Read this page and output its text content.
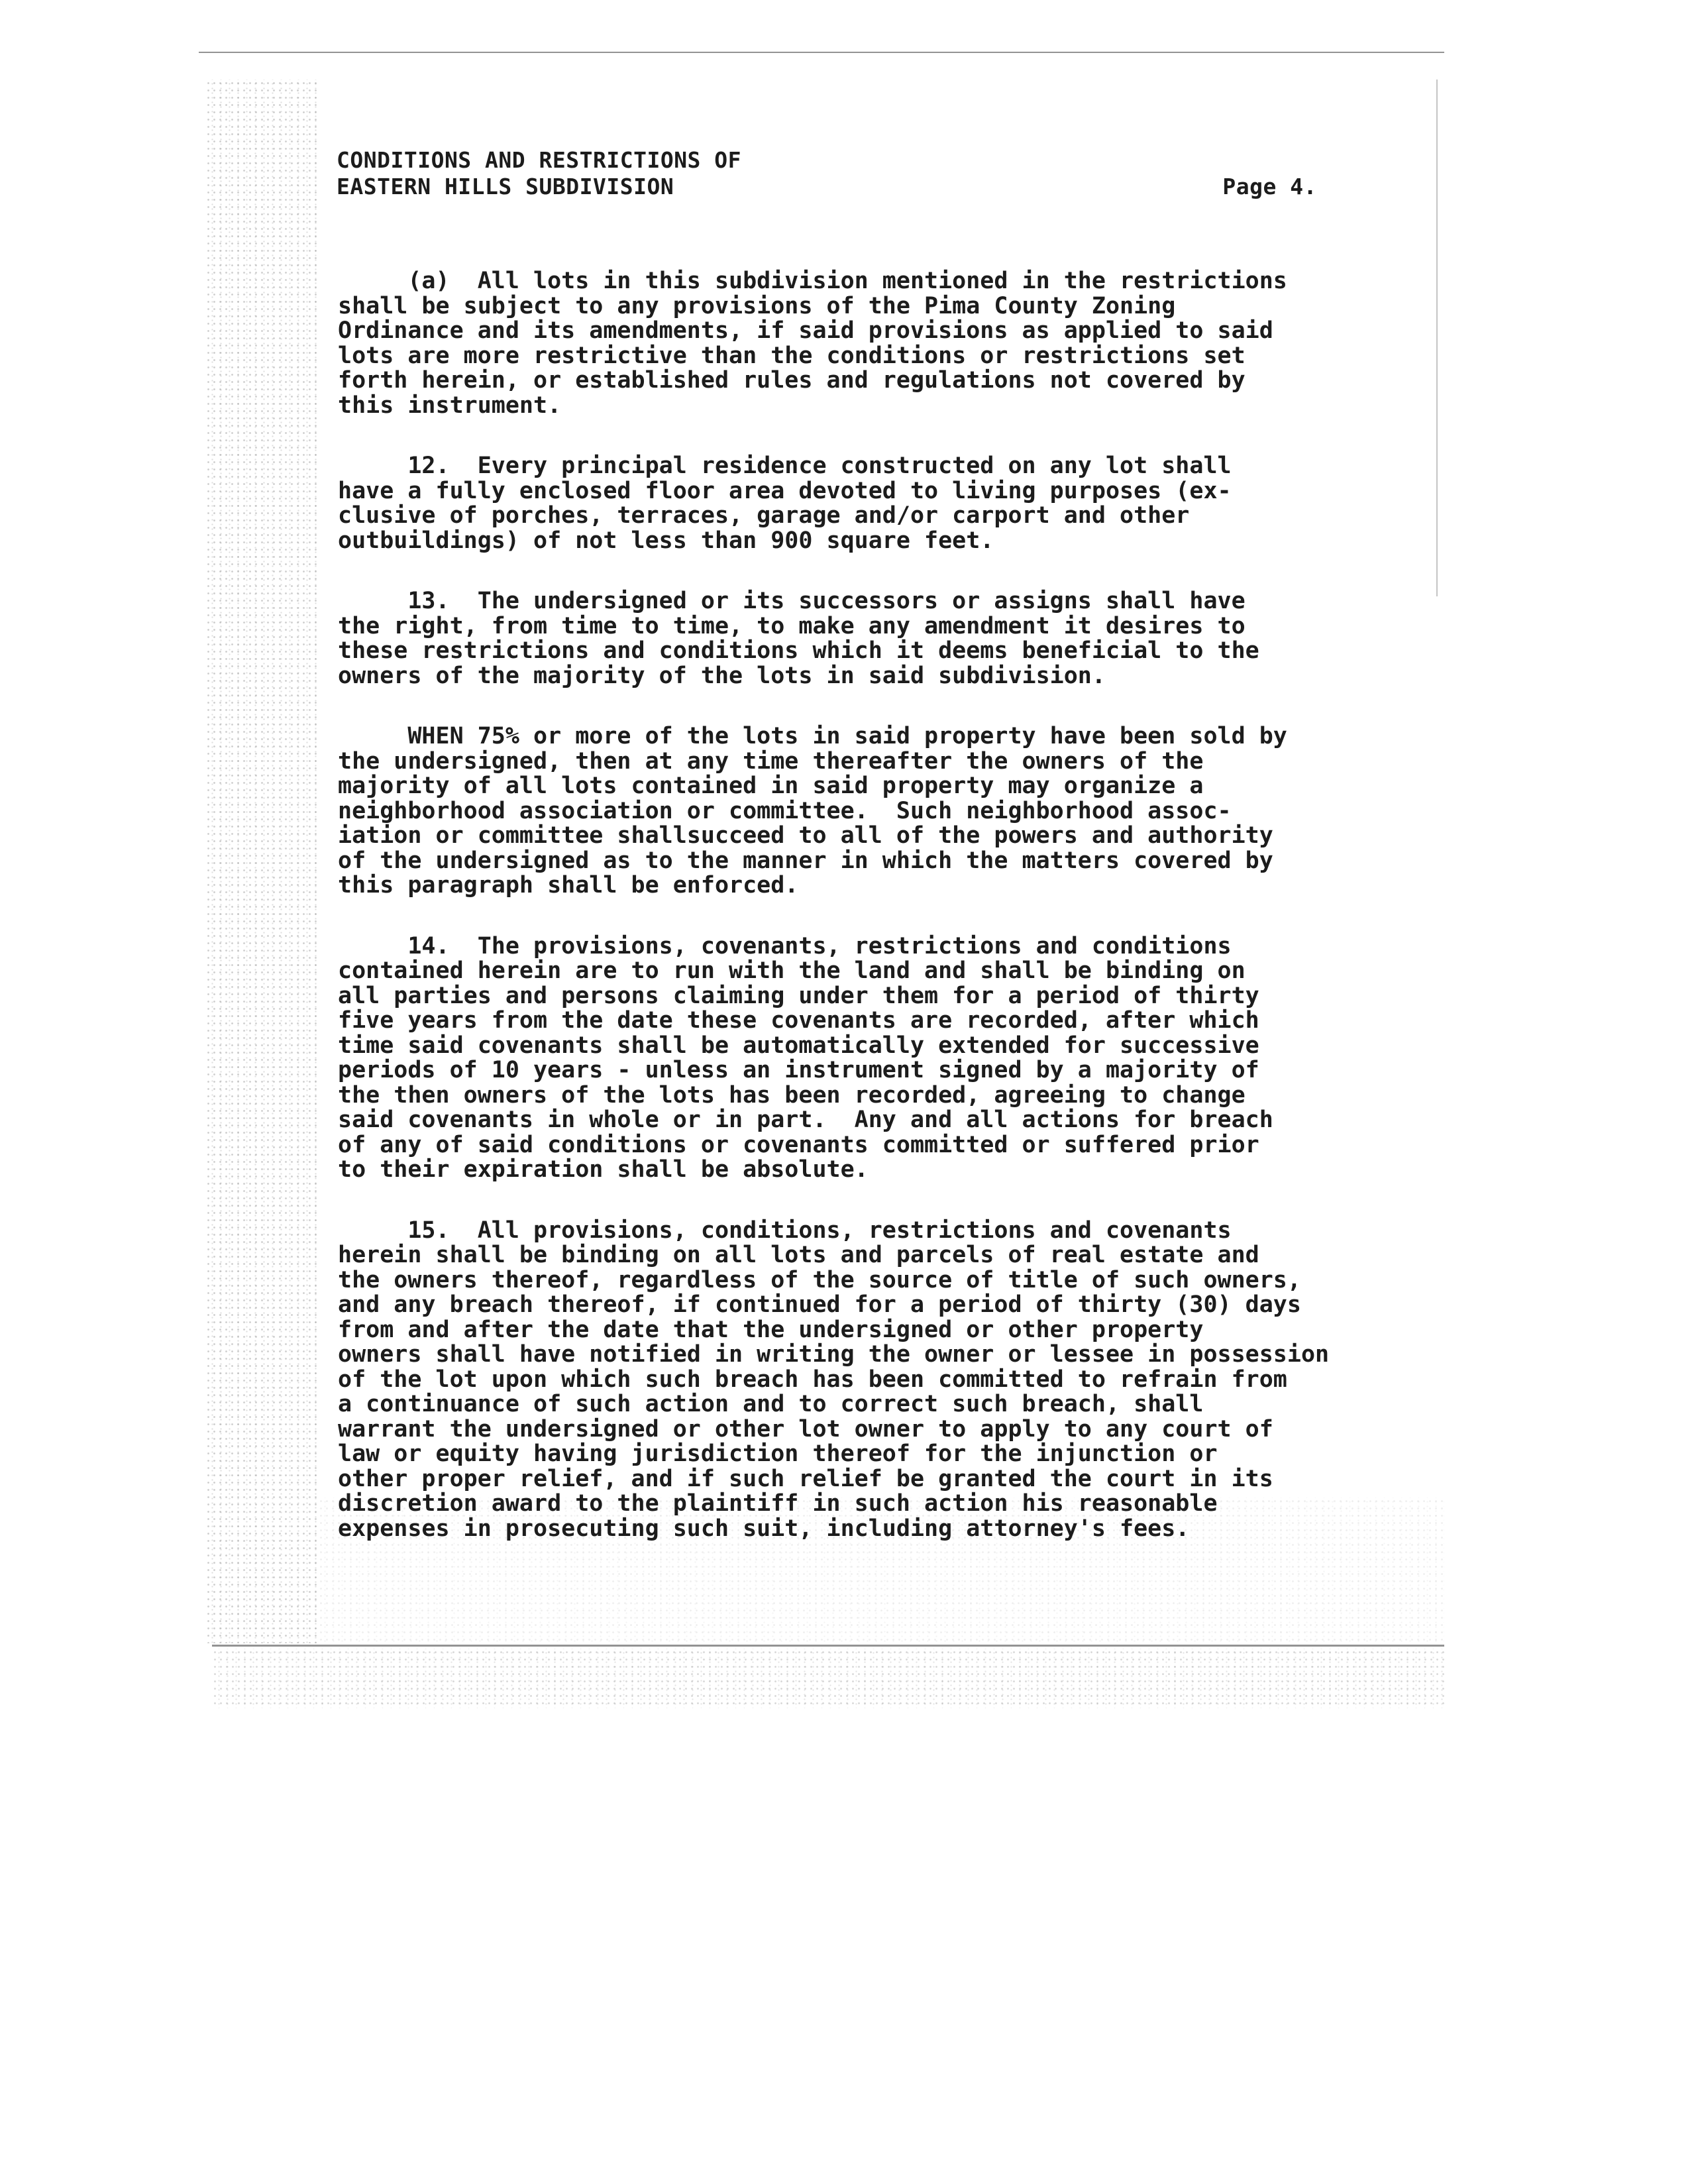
CONDITIONS AND RESTRICTIONS OF
EASTERN HILLS SUBDIVISION	Page 4.

(a)  All lots in this subdivision mentioned in the restrictions
shall be subject to any provisions of the Pima County Zoning
Ordinance and its amendments, if said provisions as applied to said
lots are more restrictive than the conditions or restrictions set
forth herein, or established rules and regulations not covered by
this instrument.

12.  Every principal residence constructed on any lot shall
have a fully enclosed floor area devoted to living purposes (ex-
clusive of porches, terraces, garage and/or carport and other
outbuildings) of not less than 900 square feet.

13.  The undersigned or its successors or assigns shall have
the right, from time to time, to make any amendment it desires to
these restrictions and conditions which it deems beneficial to the
owners of the majority of the lots in said subdivision.

WHEN 75% or more of the lots in said property have been sold by
the undersigned, then at any time thereafter the owners of the
majority of all lots contained in said property may organize a
neighborhood association or committee.  Such neighborhood assoc-
iation or committee shallsucceed to all of the powers and authority
of the undersigned as to the manner in which the matters covered by
this paragraph shall be enforced.

14.  The provisions, covenants, restrictions and conditions
contained herein are to run with the land and shall be binding on
all parties and persons claiming under them for a period of thirty
five years from the date these covenants are recorded, after which
time said covenants shall be automatically extended for successive
periods of 10 years - unless an instrument signed by a majority of
the then owners of the lots has been recorded, agreeing to change
said covenants in whole or in part.  Any and all actions for breach
of any of said conditions or covenants committed or suffered prior
to their expiration shall be absolute.

15.  All provisions, conditions, restrictions and covenants
herein shall be binding on all lots and parcels of real estate and
the owners thereof, regardless of the source of title of such owners,
and any breach thereof, if continued for a period of thirty (30) days
from and after the date that the undersigned or other property
owners shall have notified in writing the owner or lessee in possession
of the lot upon which such breach has been committed to refrain from
a continuance of such action and to correct such breach, shall
warrant the undersigned or other lot owner to apply to any court of
law or equity having jurisdiction thereof for the injunction or
other proper relief, and if such relief be granted the court in its
discretion award to the plaintiff in such action his reasonable
expenses in prosecuting such suit, including attorney's fees.
